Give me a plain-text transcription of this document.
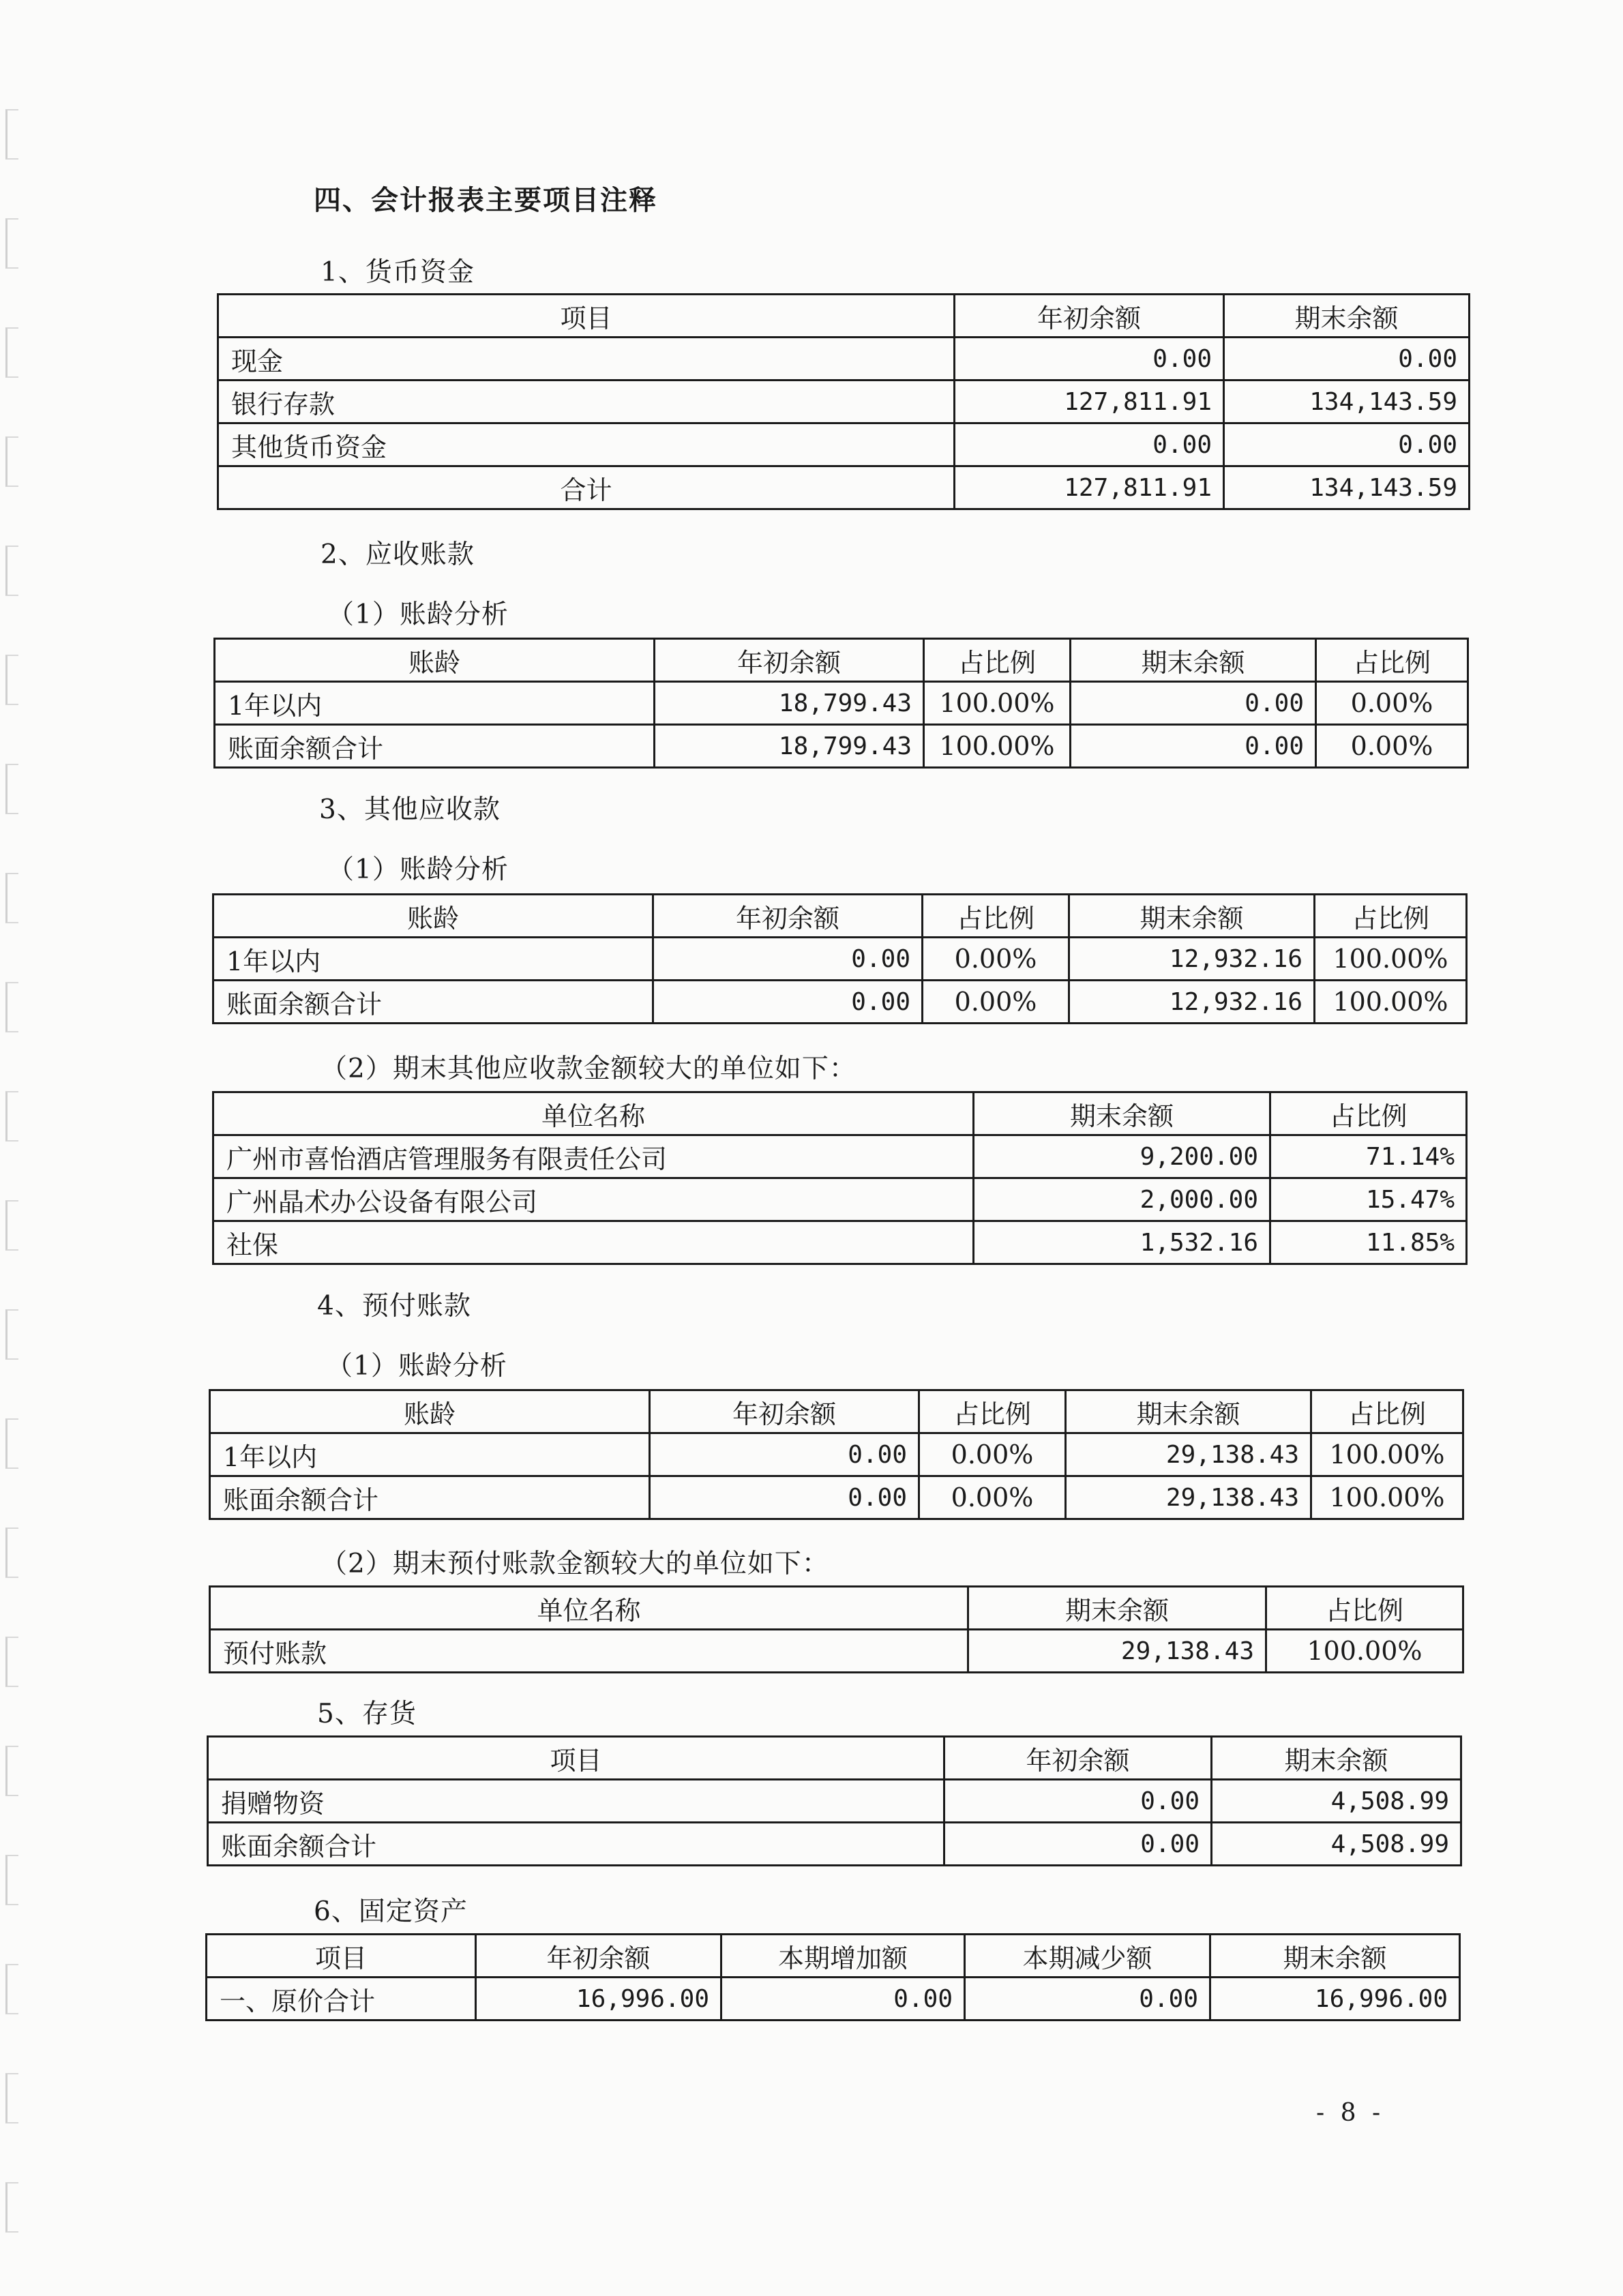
四、会计报表主要项目注释
1、货币资金
项目	年初余额	期末余额
现金	0.00	0.00
银行存款	127,811.91	134,143.59
其他货币资金	0.00	0.00
合计	127,811.91	134,143.59
2、应收账款
（1）账龄分析
账龄	年初余额	占比例	期末余额	占比例
1年以内	18,799.43	100.00%	0.00	0.00%
账面余额合计	18,799.43	100.00%	0.00	0.00%
3、其他应收款
（1）账龄分析
账龄	年初余额	占比例	期末余额	占比例
1年以内	0.00	0.00%	12,932.16	100.00%
账面余额合计	0.00	0.00%	12,932.16	100.00%
（2）期末其他应收款金额较大的单位如下：
单位名称	期末余额	占比例
广州市喜怡酒店管理服务有限责任公司	9,200.00	71.14%
广州晶术办公设备有限公司	2,000.00	15.47%
社保	1,532.16	11.85%
4、预付账款
（1）账龄分析
账龄	年初余额	占比例	期末余额	占比例
1年以内	0.00	0.00%	29,138.43	100.00%
账面余额合计	0.00	0.00%	29,138.43	100.00%
（2）期末预付账款金额较大的单位如下：
单位名称	期末余额	占比例
预付账款	29,138.43	100.00%
5、存货
项目	年初余额	期末余额
捐赠物资	0.00	4,508.99
账面余额合计	0.00	4,508.99
6、固定资产
项目	年初余额	本期增加额	本期减少额	期末余额
一、原价合计	16,996.00	0.00	0.00	16,996.00
- 8 -
